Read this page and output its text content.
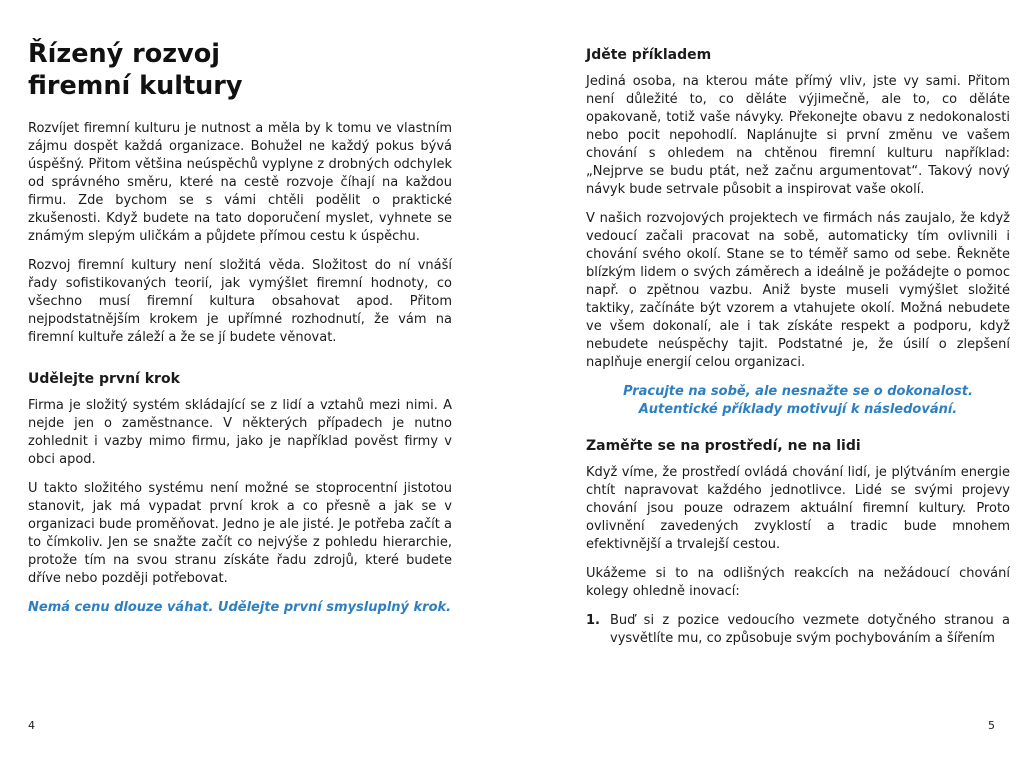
Řízený rozvoj
firemní kultury

Rozvíjet firemní kulturu je nutnost a měla by k tomu ve vlastním zájmu dospět každá organizace. Bohužel ne každý pokus bývá úspěšný. Přitom většina neúspěchů vyplyne z drobných odchylek od správného směru, které na cestě rozvoje číhají na každou firmu. Zde bychom se s vámi chtěli podělit o praktické zkušenosti. Když budete na tato doporučení myslet, vyhnete se známým slepým uličkám a půjdete přímou cestu k úspěchu.

Rozvoj firemní kultury není složitá věda. Složitost do ní vnáší řady sofistikovaných teorií, jak vymýšlet firemní hodnoty, co všechno musí firemní kultura obsahovat apod. Přitom nejpodstatnějším krokem je upřímné rozhodnutí, že vám na firemní kultuře záleží a že se jí budete věnovat.

Udělejte první krok

Firma je složitý systém skládající se z lidí a vztahů mezi nimi. A nejde jen o zaměstnance. V některých případech je nutno zohlednit i vazby mimo firmu, jako je například pověst firmy v obci apod.

U takto složitého systému není možné se stoprocentní jistotou stanovit, jak má vypadat první krok a co přesně a jak se v organizaci bude proměňovat. Jedno je ale jisté. Je potřeba začít a to čímkoliv. Jen se snažte začít co nejvýše z pohledu hierarchie, protože tím na svou stranu získáte řadu zdrojů, které budete dříve nebo později potřebovat.

Nemá cenu dlouze váhat. Udělejte první smysluplný krok.
4
Jděte příkladem

Jediná osoba, na kterou máte přímý vliv, jste vy sami. Přitom není důležité to, co děláte výjimečně, ale to, co děláte opakovaně, totiž vaše návyky. Překonejte obavu z nedokonalosti nebo pocit nepohodlí. Naplánujte si první změnu ve vašem chování s ohledem na chtěnou firemní kulturu například: „Nejprve se budu ptát, než začnu argumentovat“. Takový nový návyk bude setrvale působit a inspirovat vaše okolí.

V našich rozvojových projektech ve firmách nás zaujalo, že když vedoucí začali pracovat na sobě, automaticky tím ovlivnili i chování svého okolí. Stane se to téměř samo od sebe. Řekněte blízkým lidem o svých záměrech a ideálně je požádejte o pomoc např. o zpětnou vazbu. Aniž byste museli vymýšlet složité taktiky, začínáte být vzorem a vtahujete okolí. Možná nebudete ve všem dokonalí, ale i tak získáte respekt a podporu, když nebudete neúspěchy tajit. Podstatné je, že úsilí o zlepšení naplňuje energií celou organizaci.

Pracujte na sobě, ale nesnažte se o dokonalost.
Autentické příklady motivují k následování.
Zaměřte se na prostředí, ne na lidi

Když víme, že prostředí ovládá chování lidí, je plýtváním energie chtít napravovat každého jednotlivce. Lidé se svými projevy chování jsou pouze odrazem aktuální firemní kultury. Proto ovlivnění zavedených zvyklostí a tradic bude mnohem efektivnější a trvalejší cestou.

Ukážeme si to na odlišných reakcích na nežádoucí chování kolegy ohledně inovací:

1. Buď si z pozice vedoucího vezmete dotyčného stranou a vysvětlíte mu, co způsobuje svým pochybováním a šířením
5
